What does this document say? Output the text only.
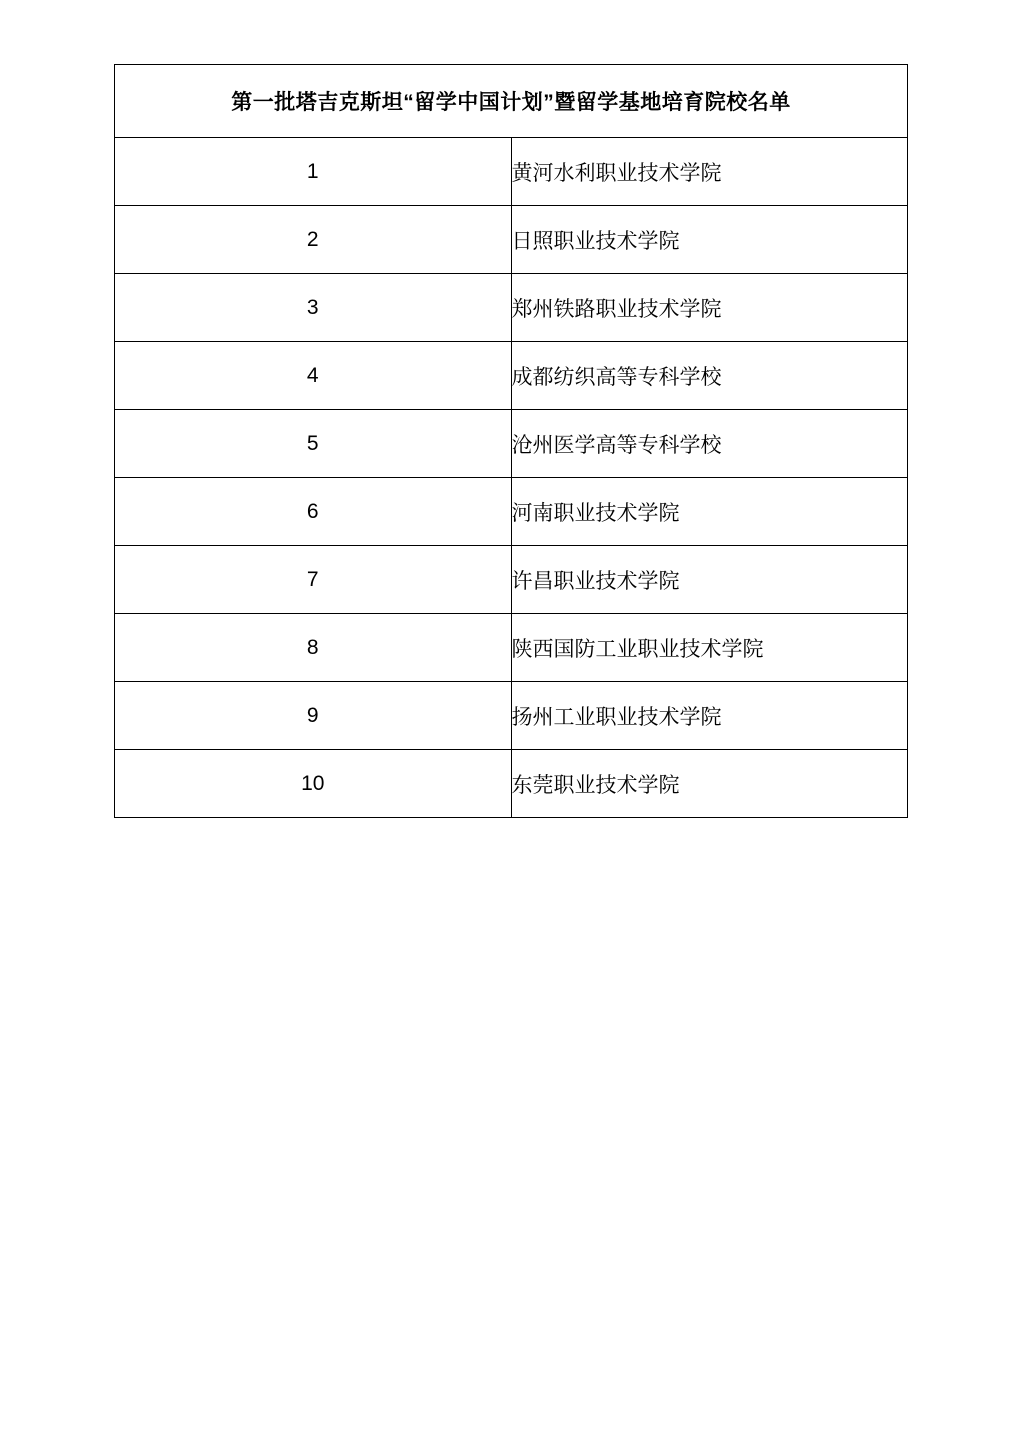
第一批塔吉克斯坦“留学中国计划”暨留学基地培育院校名单	
1	黄河水利职业技术学院
2	日照职业技术学院
3	郑州铁路职业技术学院
4	成都纺织高等专科学校
5	沧州医学高等专科学校
6	河南职业技术学院
7	许昌职业技术学院
8	陕西国防工业职业技术学院
9	扬州工业职业技术学院
10	东莞职业技术学院
